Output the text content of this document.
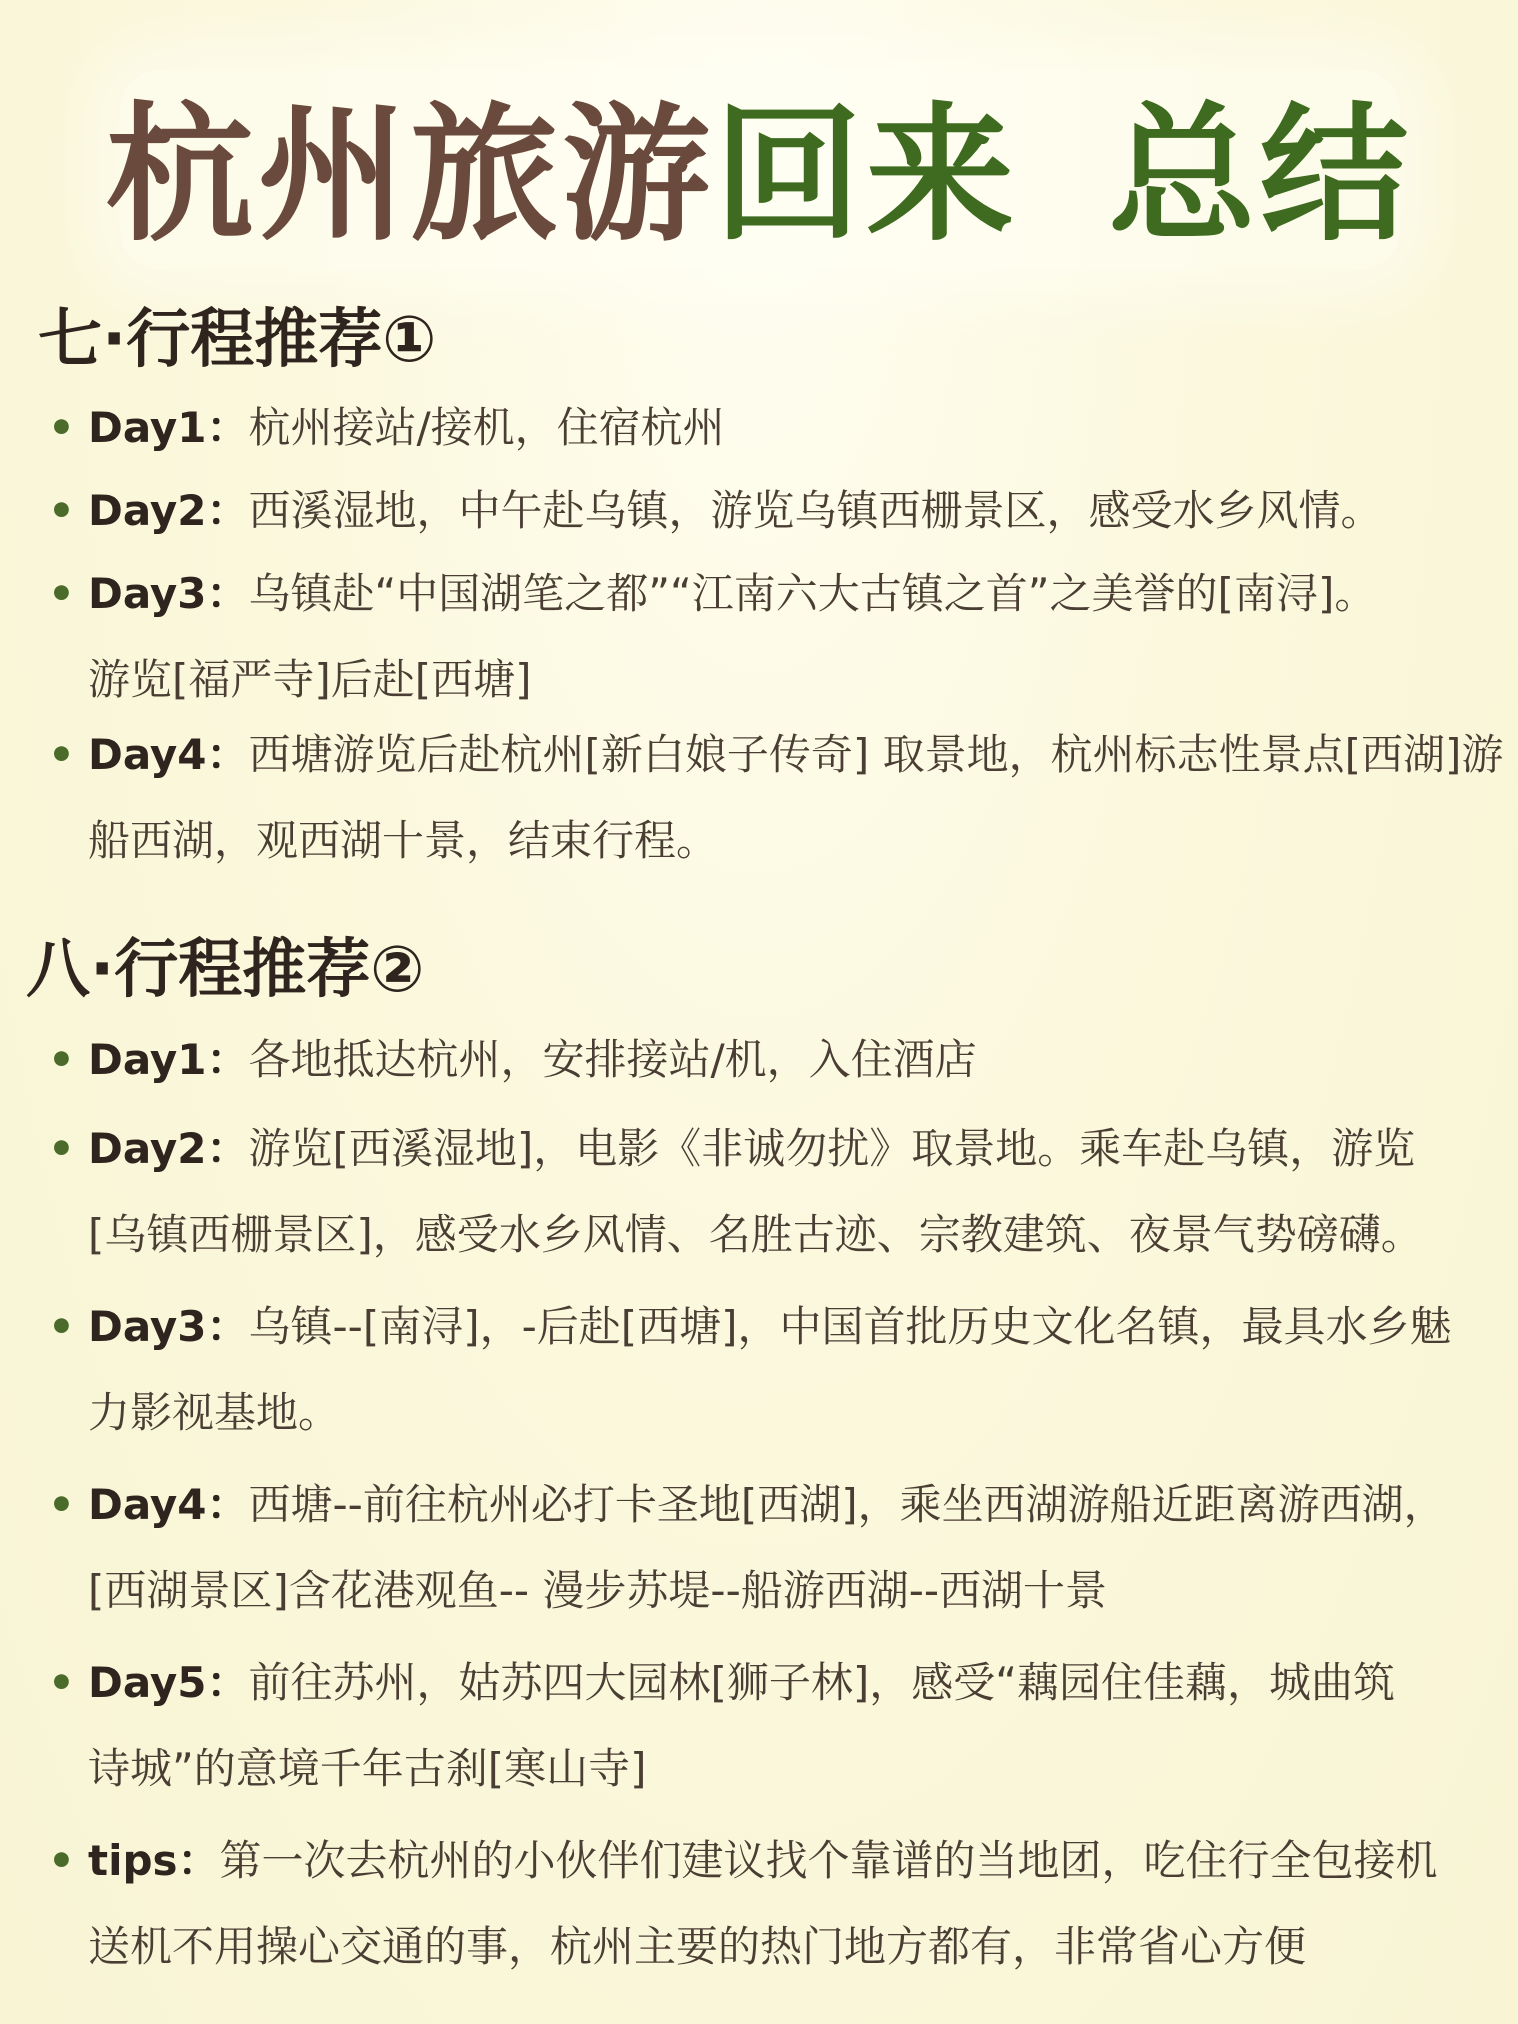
杭州旅游回来 总结
七·行程推荐①
• Day1：杭州接站/接机，住宿杭州
• Day2：西溪湿地，中午赴乌镇，游览乌镇西栅景区，感受水乡风情。
• Day3：乌镇赴“中国湖笔之都”“江南六大古镇之首”之美誉的[南浔]。
游览[福严寺]后赴[西塘]
• Day4：西塘游览后赴杭州[新白娘子传奇] 取景地，杭州标志性景点[西湖]游
船西湖，观西湖十景，结束行程。
八·行程推荐②
• Day1：各地抵达杭州，安排接站/机，入住酒店
• Day2：游览[西溪湿地]，电影《非诚勿扰》取景地。乘车赴乌镇，游览
[乌镇西栅景区]，感受水乡风情、名胜古迹、宗教建筑、夜景气势磅礴。
• Day3：乌镇--[南浔]，-后赴[西塘]，中国首批历史文化名镇，最具水乡魅
力影视基地。
• Day4：西塘--前往杭州必打卡圣地[西湖]，乘坐西湖游船近距离游西湖，
[西湖景区]含花港观鱼-- 漫步苏堤--船游西湖--西湖十景
• Day5：前往苏州，姑苏四大园林[狮子林]，感受“藕园住佳藕，城曲筑
诗城”的意境千年古刹[寒山寺]
• tips：第一次去杭州的小伙伴们建议找个靠谱的当地团，吃住行全包接机
送机不用操心交通的事，杭州主要的热门地方都有，非常省心方便
